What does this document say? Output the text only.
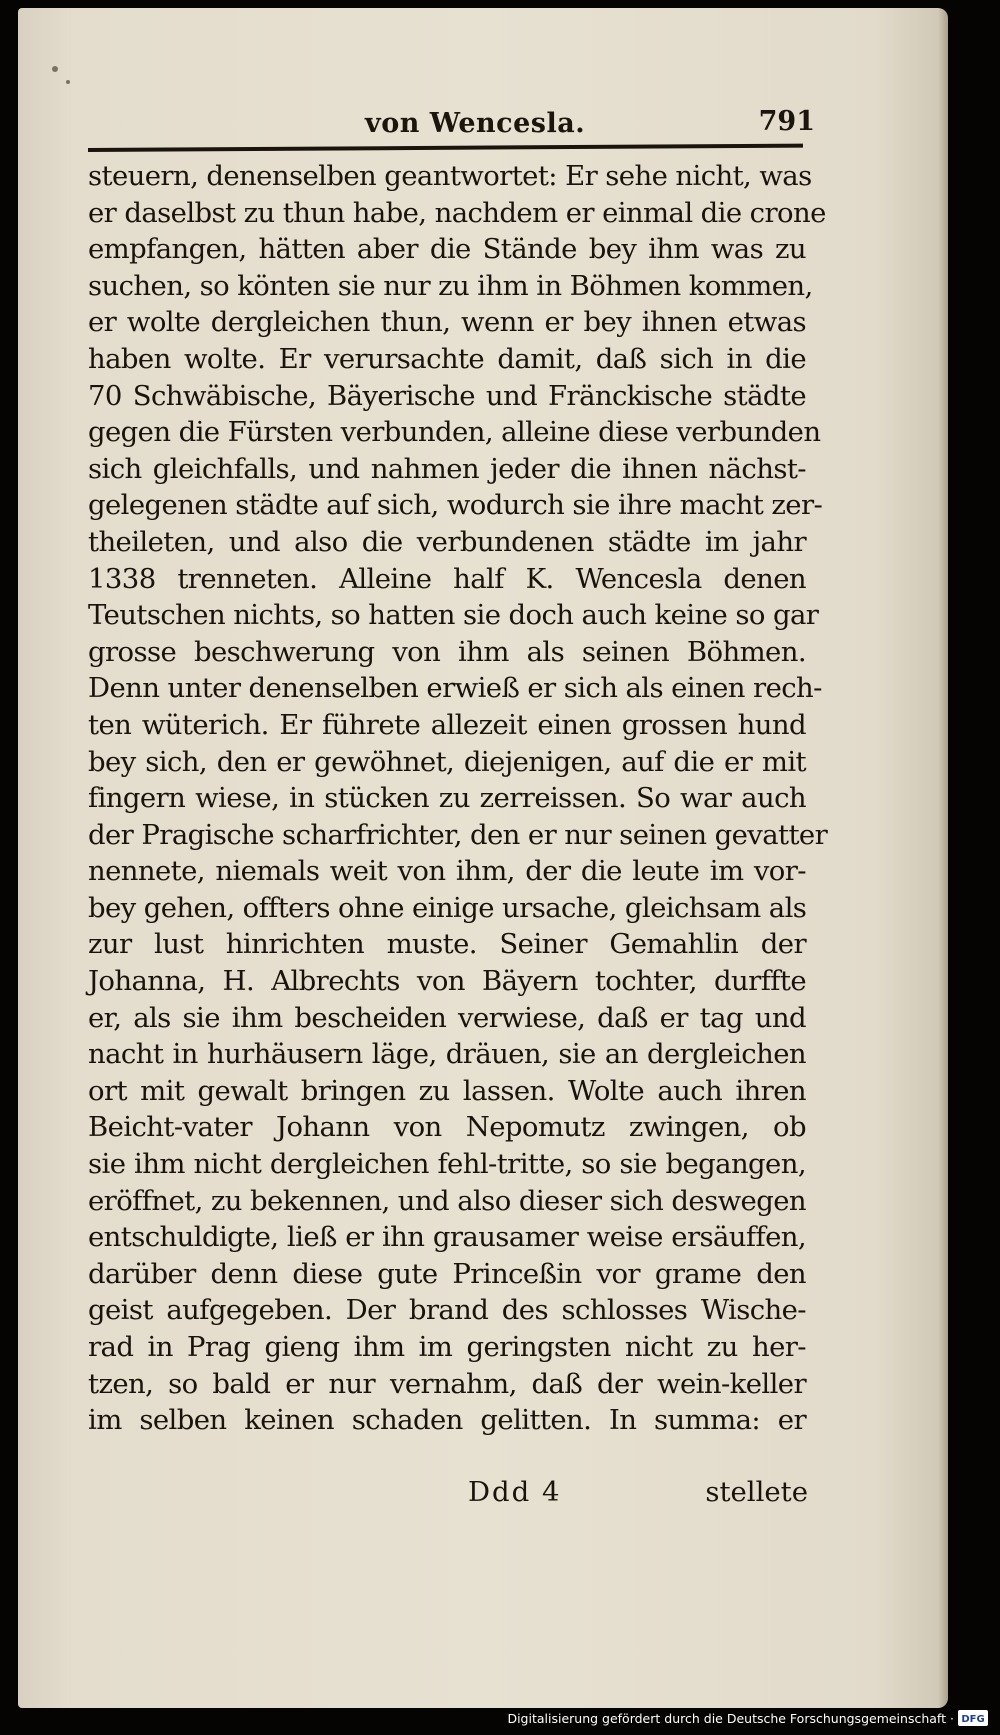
von Wencesla.	791
steuern, denenselben geantwortet: Er sehe nicht, was
er daselbst zu thun habe, nachdem er einmal die crone
empfangen, hätten aber die Stände bey ihm was zu
suchen, so könten sie nur zu ihm in Böhmen kommen,
er wolte dergleichen thun, wenn er bey ihnen etwas
haben wolte. Er verursachte damit, daß sich in die
70 Schwäbische, Bäyerische und Fränckische städte
gegen die Fürsten verbunden, alleine diese verbunden
sich gleichfalls, und nahmen jeder die ihnen nächst-
gelegenen städte auf sich, wodurch sie ihre macht zer-
theileten, und also die verbundenen städte im jahr
1338 trenneten. Alleine half K. Wencesla denen
Teutschen nichts, so hatten sie doch auch keine so gar
grosse beschwerung von ihm als seinen Böhmen.
Denn unter denenselben erwieß er sich als einen rech-
ten wüterich. Er führete allezeit einen grossen hund
bey sich, den er gewöhnet, diejenigen, auf die er mit
fingern wiese, in stücken zu zerreissen. So war auch
der Pragische scharfrichter, den er nur seinen gevatter
nennete, niemals weit von ihm, der die leute im vor-
bey gehen, offters ohne einige ursache, gleichsam als
zur lust hinrichten muste. Seiner Gemahlin der
Johanna, H. Albrechts von Bäyern tochter, durffte
er, als sie ihm bescheiden verwiese, daß er tag und
nacht in hurhäusern läge, dräuen, sie an dergleichen
ort mit gewalt bringen zu lassen. Wolte auch ihren
Beicht-vater Johann von Nepomutz zwingen, ob
sie ihm nicht dergleichen fehl-tritte, so sie begangen,
eröffnet, zu bekennen, und also dieser sich deswegen
entschuldigte, ließ er ihn grausamer weise ersäuffen,
darüber denn diese gute Princeßin vor grame den
geist aufgegeben. Der brand des schlosses Wische-
rad in Prag gieng ihm im geringsten nicht zu her-
tzen, so bald er nur vernahm, daß der wein-keller
im selben keinen schaden gelitten. In summa: er
Ddd 4	stellete
Digitalisierung gefördert durch die Deutsche Forschungsgemeinschaft · DFG
